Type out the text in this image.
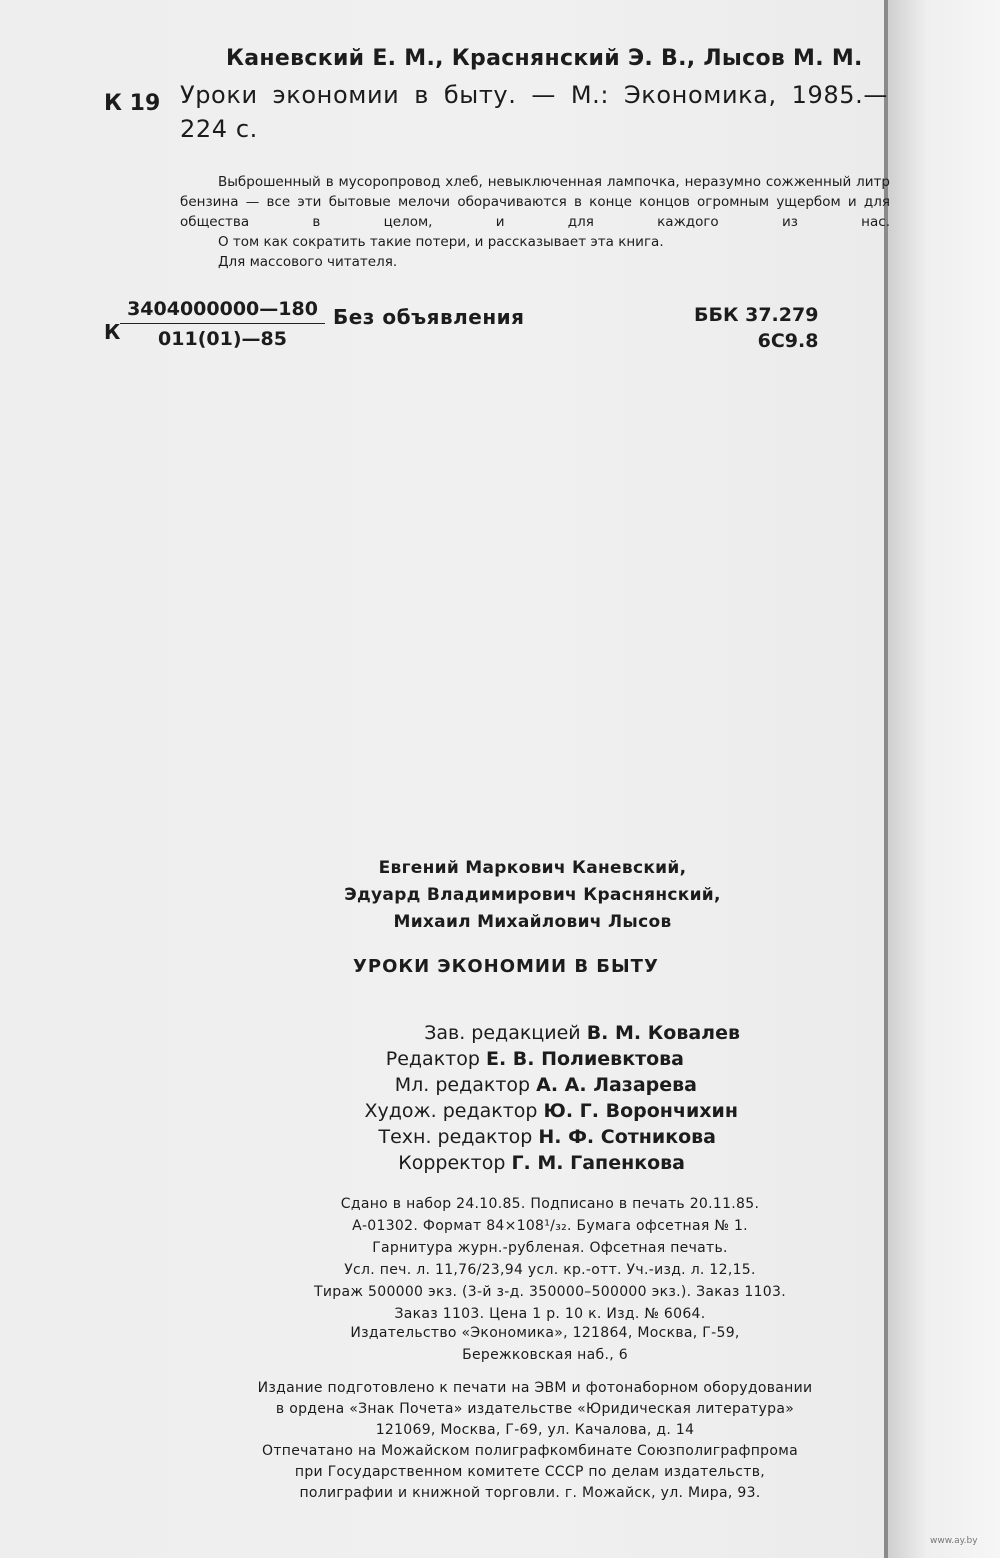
Каневский Е. М., Краснянский Э. В., Лысов М. М.
К 19 Уроки экономии в быту. — М.: Экономика, 1985.— 224 с.

Выброшенный в мусоропровод хлеб, невыключенная лампочка, неразумно сожженный литр бензина — все эти бытовые мелочи оборачиваются в конце концов огромным ущербом и для общества в целом, и для каждого из нас.

О том как сократить такие потери, и рассказывает эта книга.

Для массового читателя.

К $\frac{3404000000—180}{011(01)—85}$ Без объявления	ББК 37.279
6С9.8
Евгений Маркович Каневский,
Эдуард Владимирович Краснянский,
Михаил Михайлович Лысов
УРОКИ ЭКОНОМИИ В БЫТУ
Зав. редакцией В. М. Ковалев
Редактор Е. В. Полиевктова
Мл. редактор А. А. Лазарева
Худож. редактор Ю. Г. Ворончихин
Техн. редактор Н. Ф. Сотникова
Корректор Г. М. Гапенкова
Сдано в набор 24.10.85. Подписано в печать 20.11.85.
А-01302. Формат 84×108¹/₃₂. Бумага офсетная № 1.
Гарнитура журн.-рубленая. Офсетная печать.
Усл. печ. л. 11,76/23,94 усл. кр.-отт. Уч.-изд. л. 12,15.
Тираж 500000 экз. (3-й з-д. 350000–500000 экз.). Заказ 1103.
Заказ 1103. Цена 1 р. 10 к. Изд. № 6064.
Издательство «Экономика», 121864, Москва, Г-59,
Бережковская наб., 6
Издание подготовлено к печати на ЭВМ и фотонаборном оборудовании
в ордена «Знак Почета» издательстве «Юридическая литература»
121069, Москва, Г-69, ул. Качалова, д. 14
Отпечатано на Можайском полиграфкомбинате Союзполиграфпрома
при Государственном комитете СССР по делам издательств,
полиграфии и книжной торговли. г. Можайск, ул. Мира, 93.
www.ay.by
